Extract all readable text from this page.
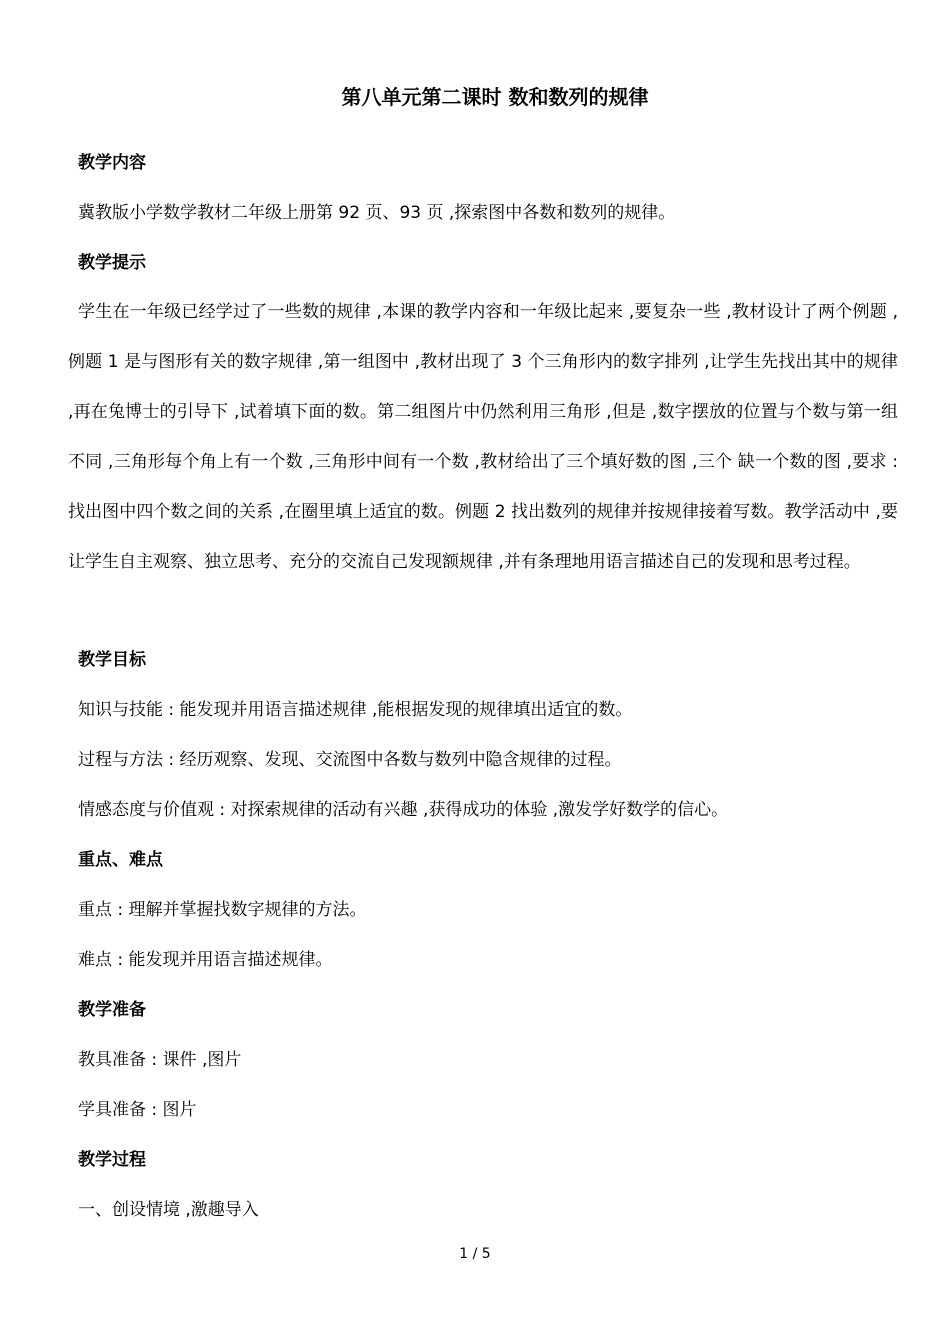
第八单元第二课时 数和数列的规律
教学内容
冀教版小学数学教材二年级上册第 92 页、93 页 ,探索图中各数和数列的规律。
教学提示
学生在一年级已经学过了一些数的规律 ,本课的教学内容和一年级比起来 ,要复杂一些 ,教材设计了两个例题 ,例题 1 是与图形有关的数字规律 ,第一组图中 ,教材出现了 3 个三角形内的数字排列 ,让学生先找出其中的规律 ,再在兔博士的引导下 ,试着填下面的数。第二组图片中仍然利用三角形 ,但是 ,数字摆放的位置与个数与第一组不同 ,三角形每个角上有一个数 ,三角形中间有一个数 ,教材给出了三个填好数的图 ,三个 缺一个数的图 ,要求 : 找出图中四个数之间的关系 ,在圈里填上适宜的数。例题 2 找出数列的规律并按规律接着写数。教学活动中 ,要让学生自主观察、独立思考、充分的交流自己发现额规律 ,并有条理地用语言描述自己的发现和思考过程。
教学目标
知识与技能 : 能发现并用语言描述规律 ,能根据发现的规律填出适宜的数。
过程与方法 : 经历观察、发现、交流图中各数与数列中隐含规律的过程。
情感态度与价值观 : 对探索规律的活动有兴趣 ,获得成功的体验 ,激发学好数学的信心。
重点、难点
重点 : 理解并掌握找数字规律的方法。
难点 : 能发现并用语言描述规律。
教学准备
教具准备 : 课件 ,图片
学具准备 : 图片
教学过程
一、创设情境 ,激趣导入
1 / 5
